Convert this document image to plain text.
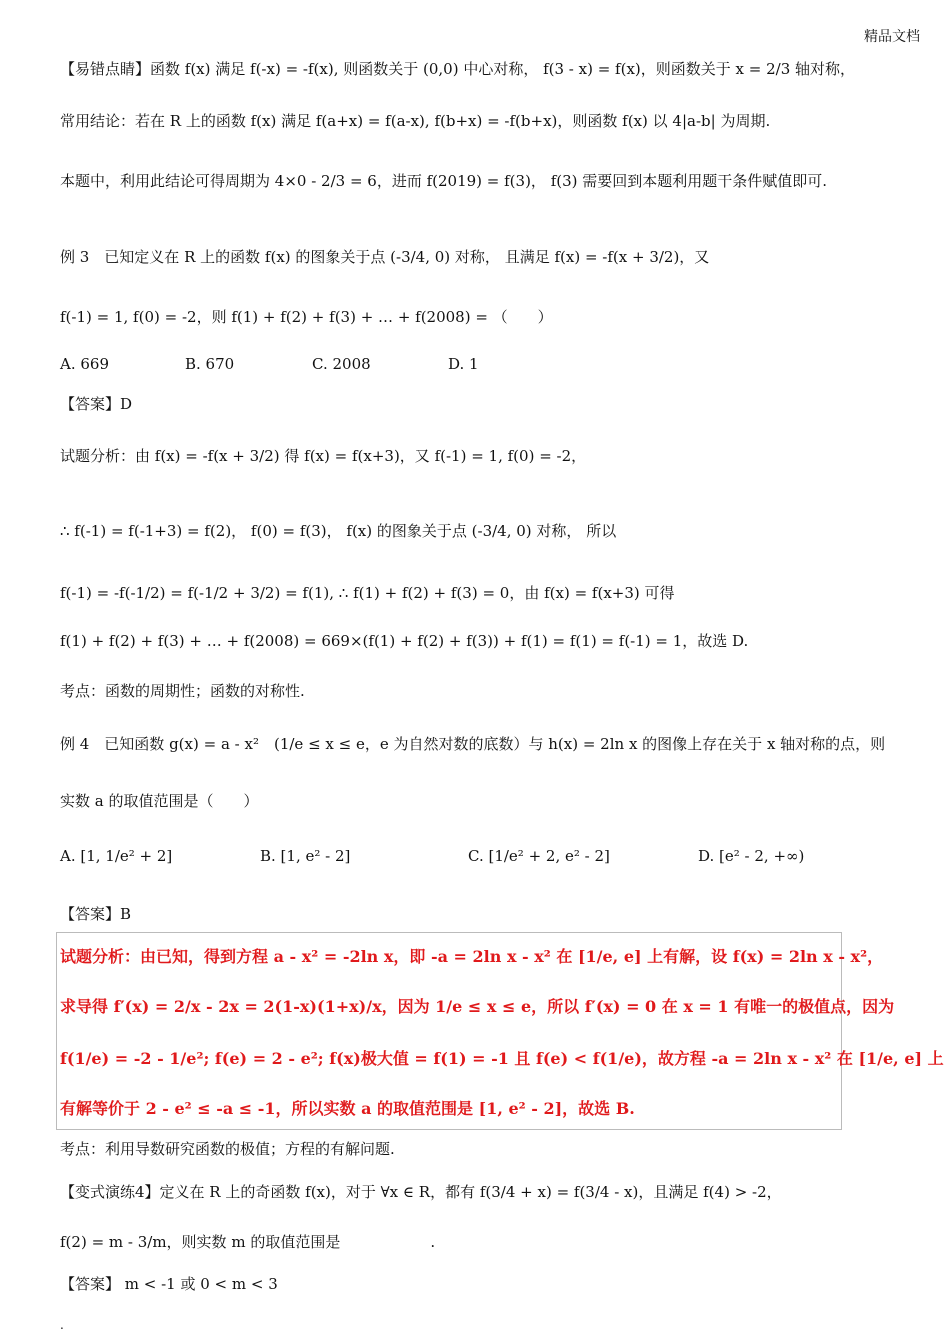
精品文档
【易错点睛】函数 f(x) 满足 f(-x) = -f(x), 则函数关于 (0,0) 中心对称， f(3 - x) = f(x)，则函数关于 x = 2/3 轴对称，
常用结论：若在 R 上的函数 f(x) 满足 f(a+x) = f(a-x), f(b+x) = -f(b+x)，则函数 f(x) 以 4|a-b| 为周期.
本题中，利用此结论可得周期为 4×0 - 2/3 = 6，进而 f(2019) = f(3)， f(3) 需要回到本题利用题干条件赋值即可.
例 3　已知定义在 R 上的函数 f(x) 的图象关于点 (-3/4, 0) 对称， 且满足 f(x) = -f(x + 3/2)，又
f(-1) = 1, f(0) = -2，则 f(1) + f(2) + f(3) + … + f(2008) = （　　）
A. 669	B. 670	C. 2008	D. 1
【答案】D
试题分析：由 f(x) = -f(x + 3/2) 得 f(x) = f(x+3)，又 f(-1) = 1, f(0) = -2，
∴ f(-1) = f(-1+3) = f(2)， f(0) = f(3)， f(x) 的图象关于点 (-3/4, 0) 对称， 所以
f(-1) = -f(-1/2) = f(-1/2 + 3/2) = f(1), ∴ f(1) + f(2) + f(3) = 0，由 f(x) = f(x+3) 可得
f(1) + f(2) + f(3) + … + f(2008) = 669×(f(1) + f(2) + f(3)) + f(1) = f(1) = f(-1) = 1，故选 D.
考点：函数的周期性；函数的对称性.
例 4　已知函数 g(x) = a - x²　(1/e ≤ x ≤ e，e 为自然对数的底数）与 h(x) = 2ln x 的图像上存在关于 x 轴对称的点，则
实数 a 的取值范围是（　　）
A. [1, 1/e² + 2]	B. [1, e² - 2]	C. [1/e² + 2, e² - 2]	D. [e² - 2, +∞)
【答案】B
试题分析：由已知，得到方程 a - x² = -2ln x，即 -a = 2ln x - x² 在 [1/e, e] 上有解，设 f(x) = 2ln x - x²，
求导得 f′(x) = 2/x - 2x = 2(1-x)(1+x)/x，因为 1/e ≤ x ≤ e，所以 f′(x) = 0 在 x = 1 有唯一的极值点，因为
f(1/e) = -2 - 1/e²; f(e) = 2 - e²; f(x)极大值 = f(1) = -1 且 f(e) < f(1/e)，故方程 -a = 2ln x - x² 在 [1/e, e] 上
有解等价于 2 - e² ≤ -a ≤ -1，所以实数 a 的取值范围是 [1, e² - 2]，故选 B.
考点：利用导数研究函数的极值；方程的有解问题.
【变式演练4】定义在 R 上的奇函数 f(x)，对于 ∀x ∈ R，都有 f(3/4 + x) = f(3/4 - x)，且满足 f(4) > -2，
f(2) = m - 3/m，则实数 m 的取值范围是　　　　　　.
【答案】 m < -1 或 0 < m < 3
.
